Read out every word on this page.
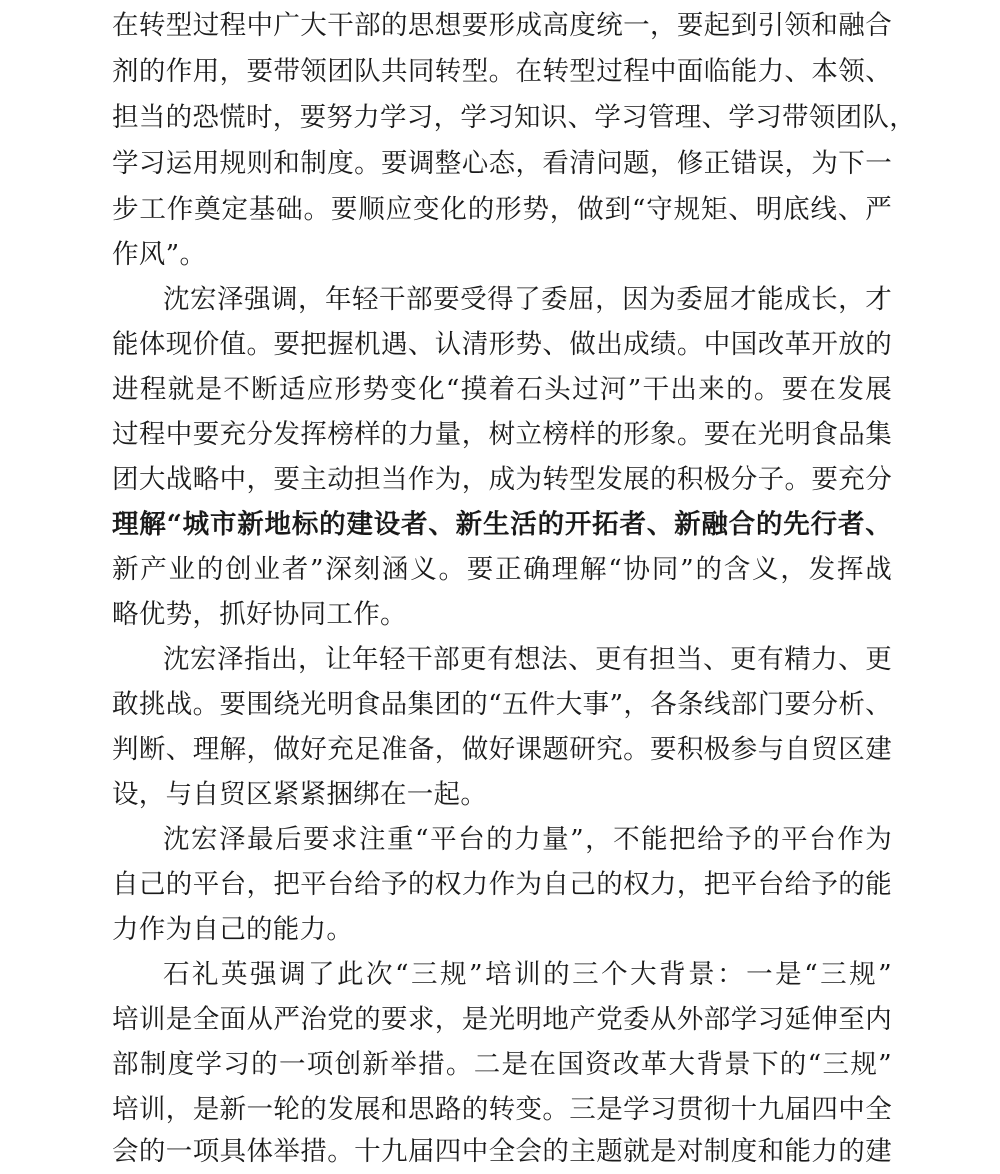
在转型过程中广大干部的思想要形成高度统一，要起到引领和融合
剂的作用，要带领团队共同转型。在转型过程中面临能力、本领、
担当的恐慌时，要努力学习，学习知识、学习管理、学习带领团队，
学习运用规则和制度。要调整心态，看清问题，修正错误，为下一
步工作奠定基础。要顺应变化的形势，做到“守规矩、明底线、严
作风”。
沈宏泽强调，年轻干部要受得了委屈，因为委屈才能成长，才
能体现价值。要把握机遇、认清形势、做出成绩。中国改革开放的
进程就是不断适应形势变化“摸着石头过河”干出来的。要在发展
过程中要充分发挥榜样的力量，树立榜样的形象。要在光明食品集
团大战略中，要主动担当作为，成为转型发展的积极分子。要充分
理解“城市新地标的建设者、新生活的开拓者、新融合的先行者、
新产业的创业者”深刻涵义。要正确理解“协同”的含义，发挥战
略优势，抓好协同工作。
沈宏泽指出，让年轻干部更有想法、更有担当、更有精力、更
敢挑战。要围绕光明食品集团的“五件大事”，各条线部门要分析、
判断、理解，做好充足准备，做好课题研究。要积极参与自贸区建
设，与自贸区紧紧捆绑在一起。
沈宏泽最后要求注重“平台的力量”，不能把给予的平台作为
自己的平台，把平台给予的权力作为自己的权力，把平台给予的能
力作为自己的能力。
石礼英强调了此次“三规”培训的三个大背景：一是“三规”
培训是全面从严治党的要求，是光明地产党委从外部学习延伸至内
部制度学习的一项创新举措。二是在国资改革大背景下的“三规”
培训，是新一轮的发展和思路的转变。三是学习贯彻十九届四中全
会的一项具体举措。十九届四中全会的主题就是对制度和能力的建
